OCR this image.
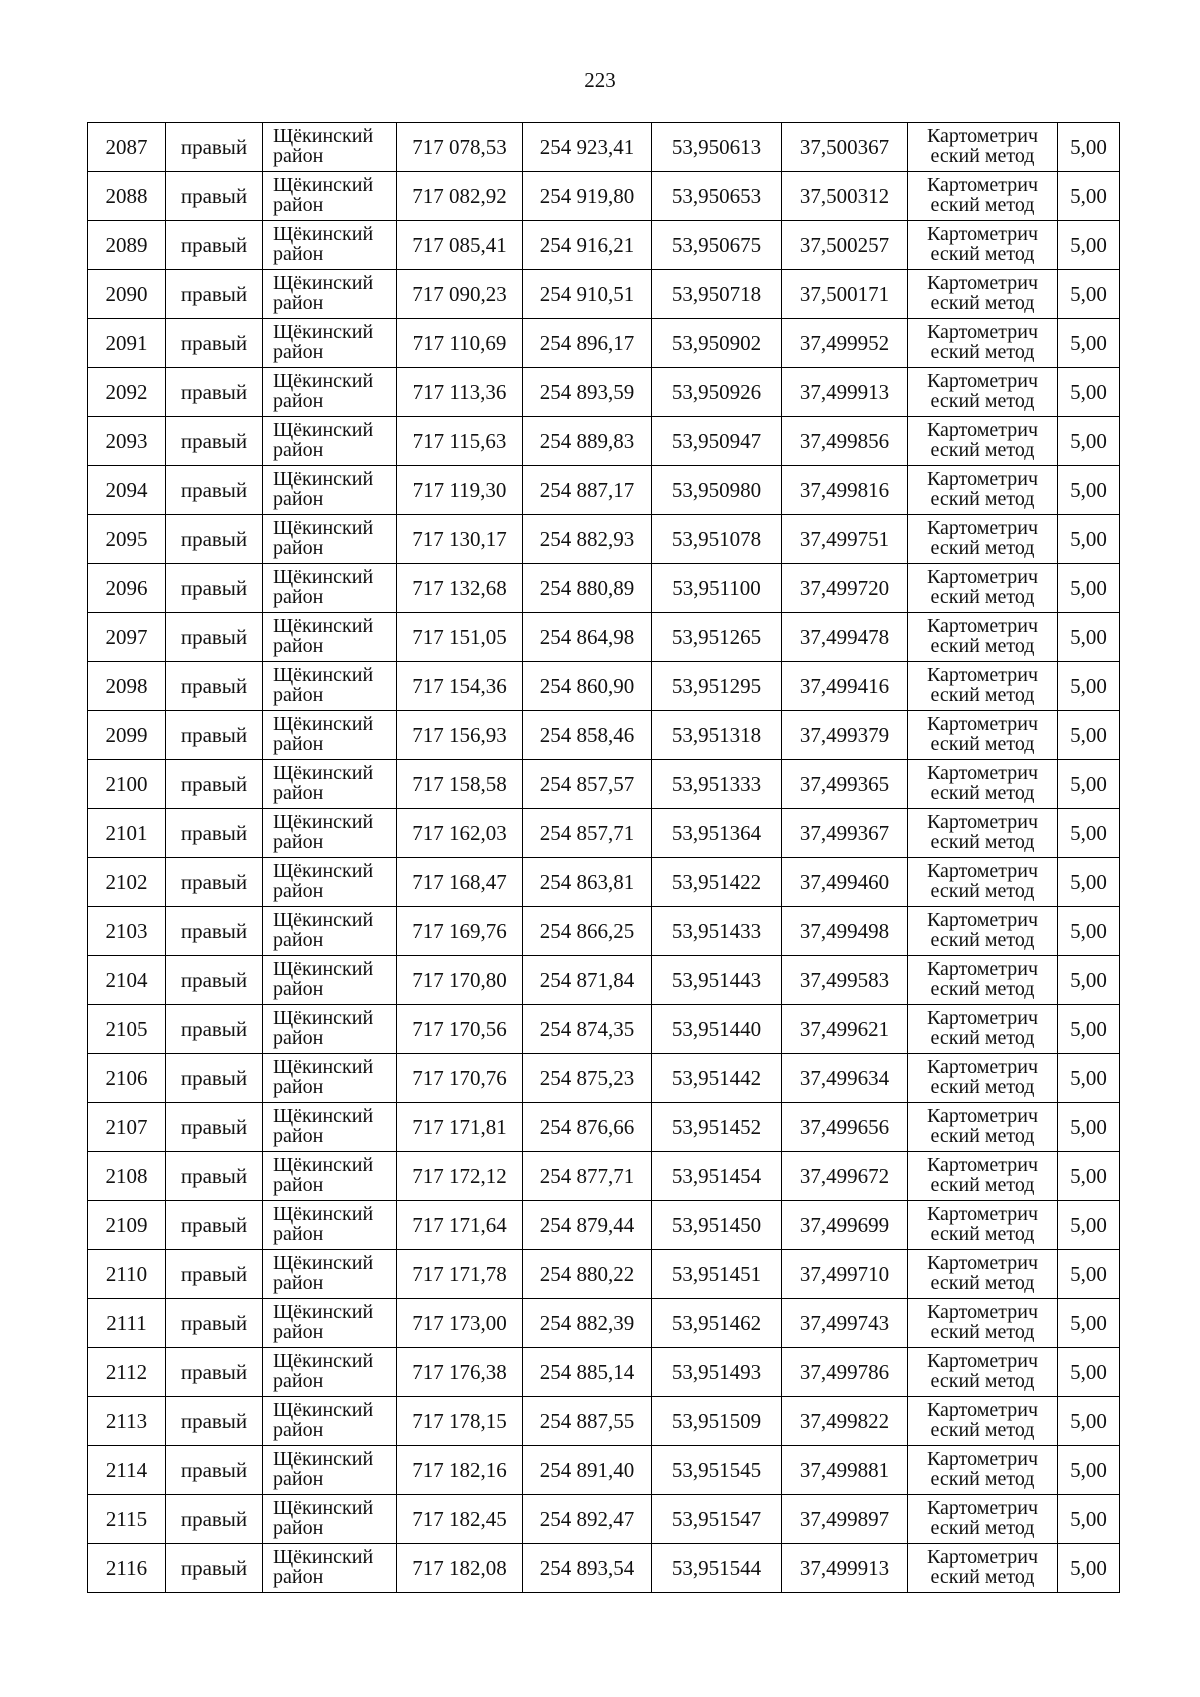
223
2087	правый	Щёкинский район	717 078,53	254 923,41	53,950613	37,500367	Картометрич еский метод	5,00
2088	правый	Щёкинский район	717 082,92	254 919,80	53,950653	37,500312	Картометрич еский метод	5,00
2089	правый	Щёкинский район	717 085,41	254 916,21	53,950675	37,500257	Картометрич еский метод	5,00
2090	правый	Щёкинский район	717 090,23	254 910,51	53,950718	37,500171	Картометрич еский метод	5,00
2091	правый	Щёкинский район	717 110,69	254 896,17	53,950902	37,499952	Картометрич еский метод	5,00
2092	правый	Щёкинский район	717 113,36	254 893,59	53,950926	37,499913	Картометрич еский метод	5,00
2093	правый	Щёкинский район	717 115,63	254 889,83	53,950947	37,499856	Картометрич еский метод	5,00
2094	правый	Щёкинский район	717 119,30	254 887,17	53,950980	37,499816	Картометрич еский метод	5,00
2095	правый	Щёкинский район	717 130,17	254 882,93	53,951078	37,499751	Картометрич еский метод	5,00
2096	правый	Щёкинский район	717 132,68	254 880,89	53,951100	37,499720	Картометрич еский метод	5,00
2097	правый	Щёкинский район	717 151,05	254 864,98	53,951265	37,499478	Картометрич еский метод	5,00
2098	правый	Щёкинский район	717 154,36	254 860,90	53,951295	37,499416	Картометрич еский метод	5,00
2099	правый	Щёкинский район	717 156,93	254 858,46	53,951318	37,499379	Картометрич еский метод	5,00
2100	правый	Щёкинский район	717 158,58	254 857,57	53,951333	37,499365	Картометрич еский метод	5,00
2101	правый	Щёкинский район	717 162,03	254 857,71	53,951364	37,499367	Картометрич еский метод	5,00
2102	правый	Щёкинский район	717 168,47	254 863,81	53,951422	37,499460	Картометрич еский метод	5,00
2103	правый	Щёкинский район	717 169,76	254 866,25	53,951433	37,499498	Картометрич еский метод	5,00
2104	правый	Щёкинский район	717 170,80	254 871,84	53,951443	37,499583	Картометрич еский метод	5,00
2105	правый	Щёкинский район	717 170,56	254 874,35	53,951440	37,499621	Картометрич еский метод	5,00
2106	правый	Щёкинский район	717 170,76	254 875,23	53,951442	37,499634	Картометрич еский метод	5,00
2107	правый	Щёкинский район	717 171,81	254 876,66	53,951452	37,499656	Картометрич еский метод	5,00
2108	правый	Щёкинский район	717 172,12	254 877,71	53,951454	37,499672	Картометрич еский метод	5,00
2109	правый	Щёкинский район	717 171,64	254 879,44	53,951450	37,499699	Картометрич еский метод	5,00
2110	правый	Щёкинский район	717 171,78	254 880,22	53,951451	37,499710	Картометрич еский метод	5,00
2111	правый	Щёкинский район	717 173,00	254 882,39	53,951462	37,499743	Картометрич еский метод	5,00
2112	правый	Щёкинский район	717 176,38	254 885,14	53,951493	37,499786	Картометрич еский метод	5,00
2113	правый	Щёкинский район	717 178,15	254 887,55	53,951509	37,499822	Картометрич еский метод	5,00
2114	правый	Щёкинский район	717 182,16	254 891,40	53,951545	37,499881	Картометрич еский метод	5,00
2115	правый	Щёкинский район	717 182,45	254 892,47	53,951547	37,499897	Картометрич еский метод	5,00
2116	правый	Щёкинский район	717 182,08	254 893,54	53,951544	37,499913	Картометрич еский метод	5,00
